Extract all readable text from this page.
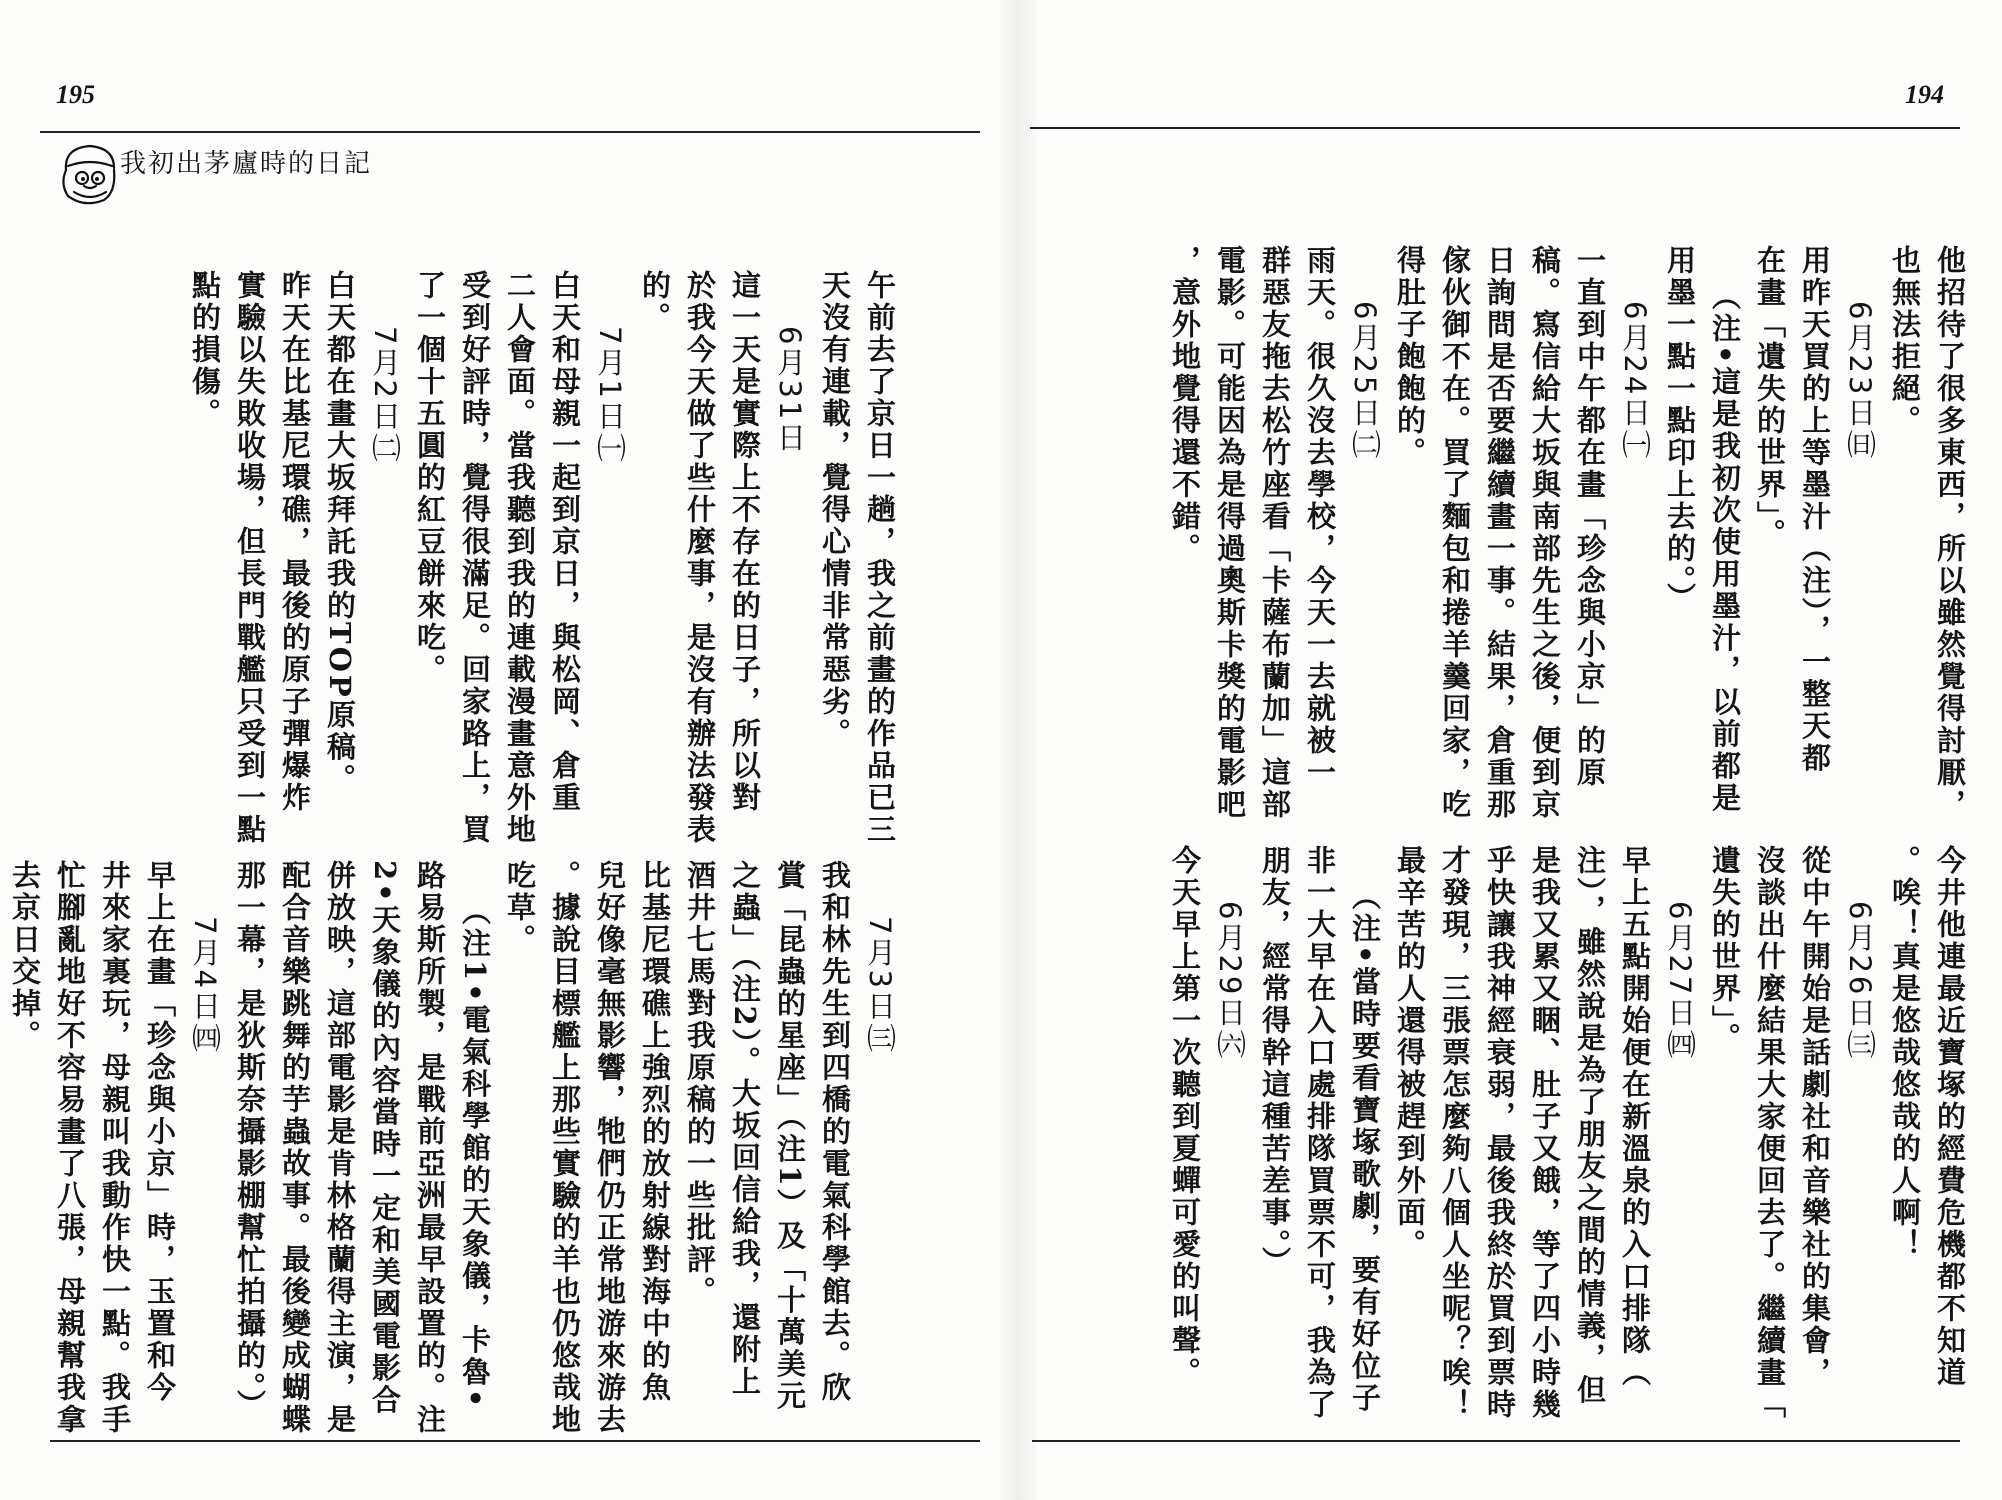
195	194
我初出茅廬時的日記
他招待了很多東西，所以雖然覺得討厭，
也無法拒絕。
6月23日㈰
用昨天買的上等墨汁（注），一整天都
在畫「遺失的世界」。
（注•這是我初次使用墨汁，以前都是
用墨一點一點印上去的。）
6月24日㈠
一直到中午都在畫「珍念與小京」的原
稿。寫信給大坂與南部先生之後，便到京
日詢問是否要繼續畫一事。結果，倉重那
傢伙御不在。買了麵包和捲羊羹回家，吃
得肚子飽飽的。
6月25日㈡
雨天。很久沒去學校，今天一去就被一
群惡友拖去松竹座看「卡薩布蘭加」這部
電影。可能因為是得過奧斯卡獎的電影吧
，意外地覺得還不錯。
今井他連最近寶塚的經費危機都不知道
。唉！真是悠哉悠哉的人啊！
6月26日㈢
從中午開始是話劇社和音樂社的集會，
沒談出什麼結果大家便回去了。繼續畫「
遺失的世界」。
6月27日㈣
早上五點開始便在新溫泉的入口排隊（
注），雖然說是為了朋友之間的情義，但
是我又累又睏、肚子又餓，等了四小時幾
乎快讓我神經衰弱，最後我終於買到票時
才發現，三張票怎麼夠八個人坐呢？唉！
最辛苦的人還得被趕到外面。
（注•當時要看寶塚歌劇，要有好位子
非一大早在入口處排隊買票不可，我為了
朋友，經常得幹這種苦差事。）
6月29日㈥
今天早上第一次聽到夏蟬可愛的叫聲。
午前去了京日一趟，我之前畫的作品已三
天沒有連載，覺得心情非常惡劣。
6月31日
這一天是實際上不存在的日子，所以對
於我今天做了些什麼事，是沒有辦法發表
的。
7月1日㈠
白天和母親一起到京日，與松岡、倉重
二人會面。當我聽到我的連載漫畫意外地
受到好評時，覺得很滿足。回家路上，買
了一個十五圓的紅豆餅來吃。
7月2日㈡
白天都在畫大坂拜託我的TOP原稿。
昨天在比基尼環礁，最後的原子彈爆炸
實驗以失敗收場，但長門戰艦只受到一點
點的損傷。
7月3日㈢
我和林先生到四橋的電氣科學館去。欣
賞「昆蟲的星座」（注1）及「十萬美元
之蟲」（注2）。大坂回信給我，還附上
酒井七馬對我原稿的一些批評。
比基尼環礁上強烈的放射線對海中的魚
兒好像毫無影響，牠們仍正常地游來游去
。據說目標艦上那些實驗的羊也仍悠哉地
吃草。
（注1•電氣科學館的天象儀，卡魯•
路易斯所製，是戰前亞洲最早設置的。注
2•天象儀的內容當時一定和美國電影合
併放映，這部電影是肯林格蘭得主演，是
配合音樂跳舞的芋蟲故事。最後變成蝴蝶
那一幕，是狄斯奈攝影棚幫忙拍攝的。）
7月4日㈣
早上在畫「珍念與小京」時，玉置和今
井來家裏玩，母親叫我動作快一點。我手
忙腳亂地好不容易畫了八張，母親幫我拿
去京日交掉。
